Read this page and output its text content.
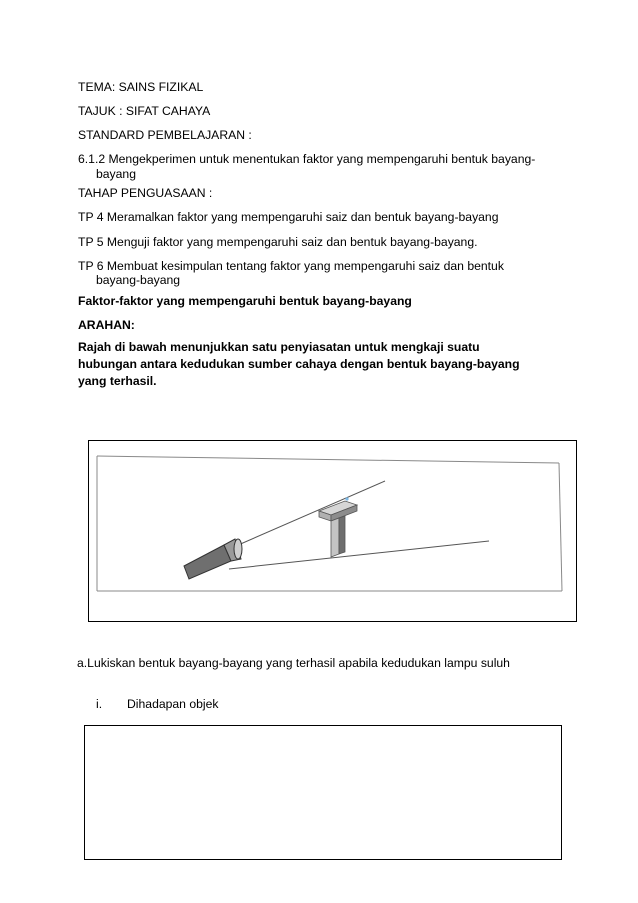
TEMA: SAINS FIZIKAL
TAJUK : SIFAT CAHAYA
STANDARD PEMBELAJARAN :
6.1.2 Mengekperimen untuk menentukan faktor yang mempengaruhi bentuk bayang-
bayang
TAHAP PENGUASAAN :
TP 4 Meramalkan faktor yang mempengaruhi saiz dan bentuk bayang-bayang
TP 5 Menguji faktor yang mempengaruhi saiz dan bentuk bayang-bayang.
TP 6 Membuat kesimpulan tentang faktor yang mempengaruhi saiz dan bentuk
bayang-bayang
Faktor-faktor yang mempengaruhi bentuk bayang-bayang
ARAHAN:
Rajah di bawah menunjukkan satu penyiasatan untuk mengkaji suatu
hubungan antara kedudukan sumber cahaya dengan bentuk bayang-bayang
yang terhasil.
a.Lukiskan bentuk bayang-bayang yang terhasil apabila kedudukan lampu suluh
i. Dihadapan objek
